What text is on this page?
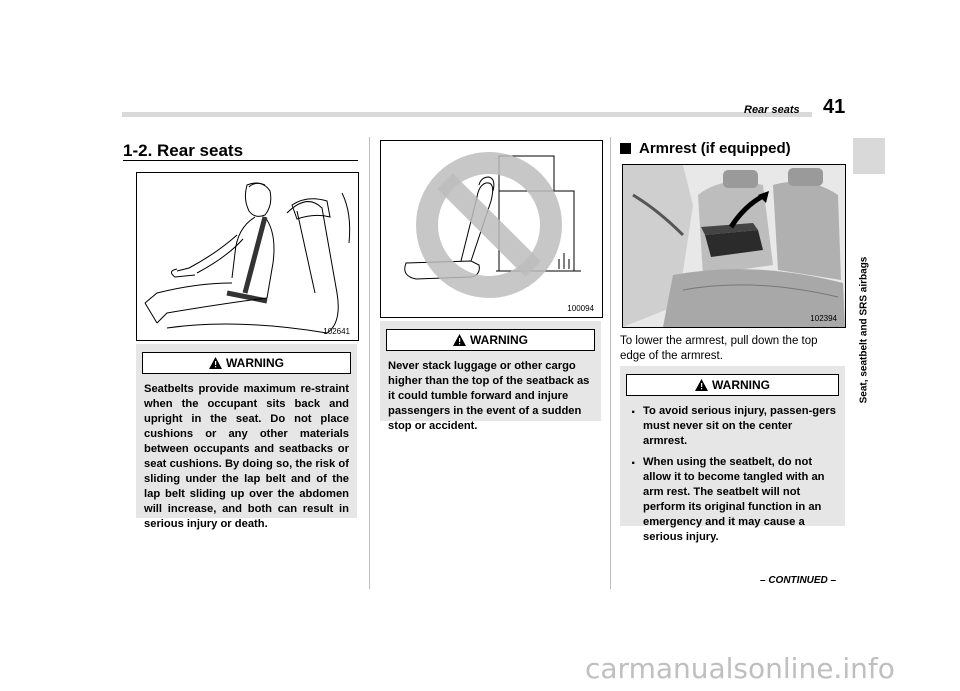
Rear seats 41
Seat, seatbelt and SRS airbags
1-2. Rear seats
102641
WARNING
Seatbelts provide maximum re-straint when the occupant sits back and upright in the seat. Do not place cushions or any other materials between occupants and seatbacks or seat cushions. By doing so, the risk of sliding under the lap belt and of the lap belt sliding up over the abdomen will increase, and both can result in serious injury or death.
100094
WARNING
Never stack luggage or other cargo higher than the top of the seatback as it could tumble forward and injure passengers in the event of a sudden stop or accident.
Armrest (if equipped)
102394
To lower the armrest, pull down the top edge of the armrest.
WARNING
. To avoid serious injury, passen-gers must never sit on the center armrest.
. When using the seatbelt, do not allow it to become tangled with an arm rest. The seatbelt will not perform its original function in an emergency and it may cause a serious injury.
– CONTINUED –
carmanualsonline.info
